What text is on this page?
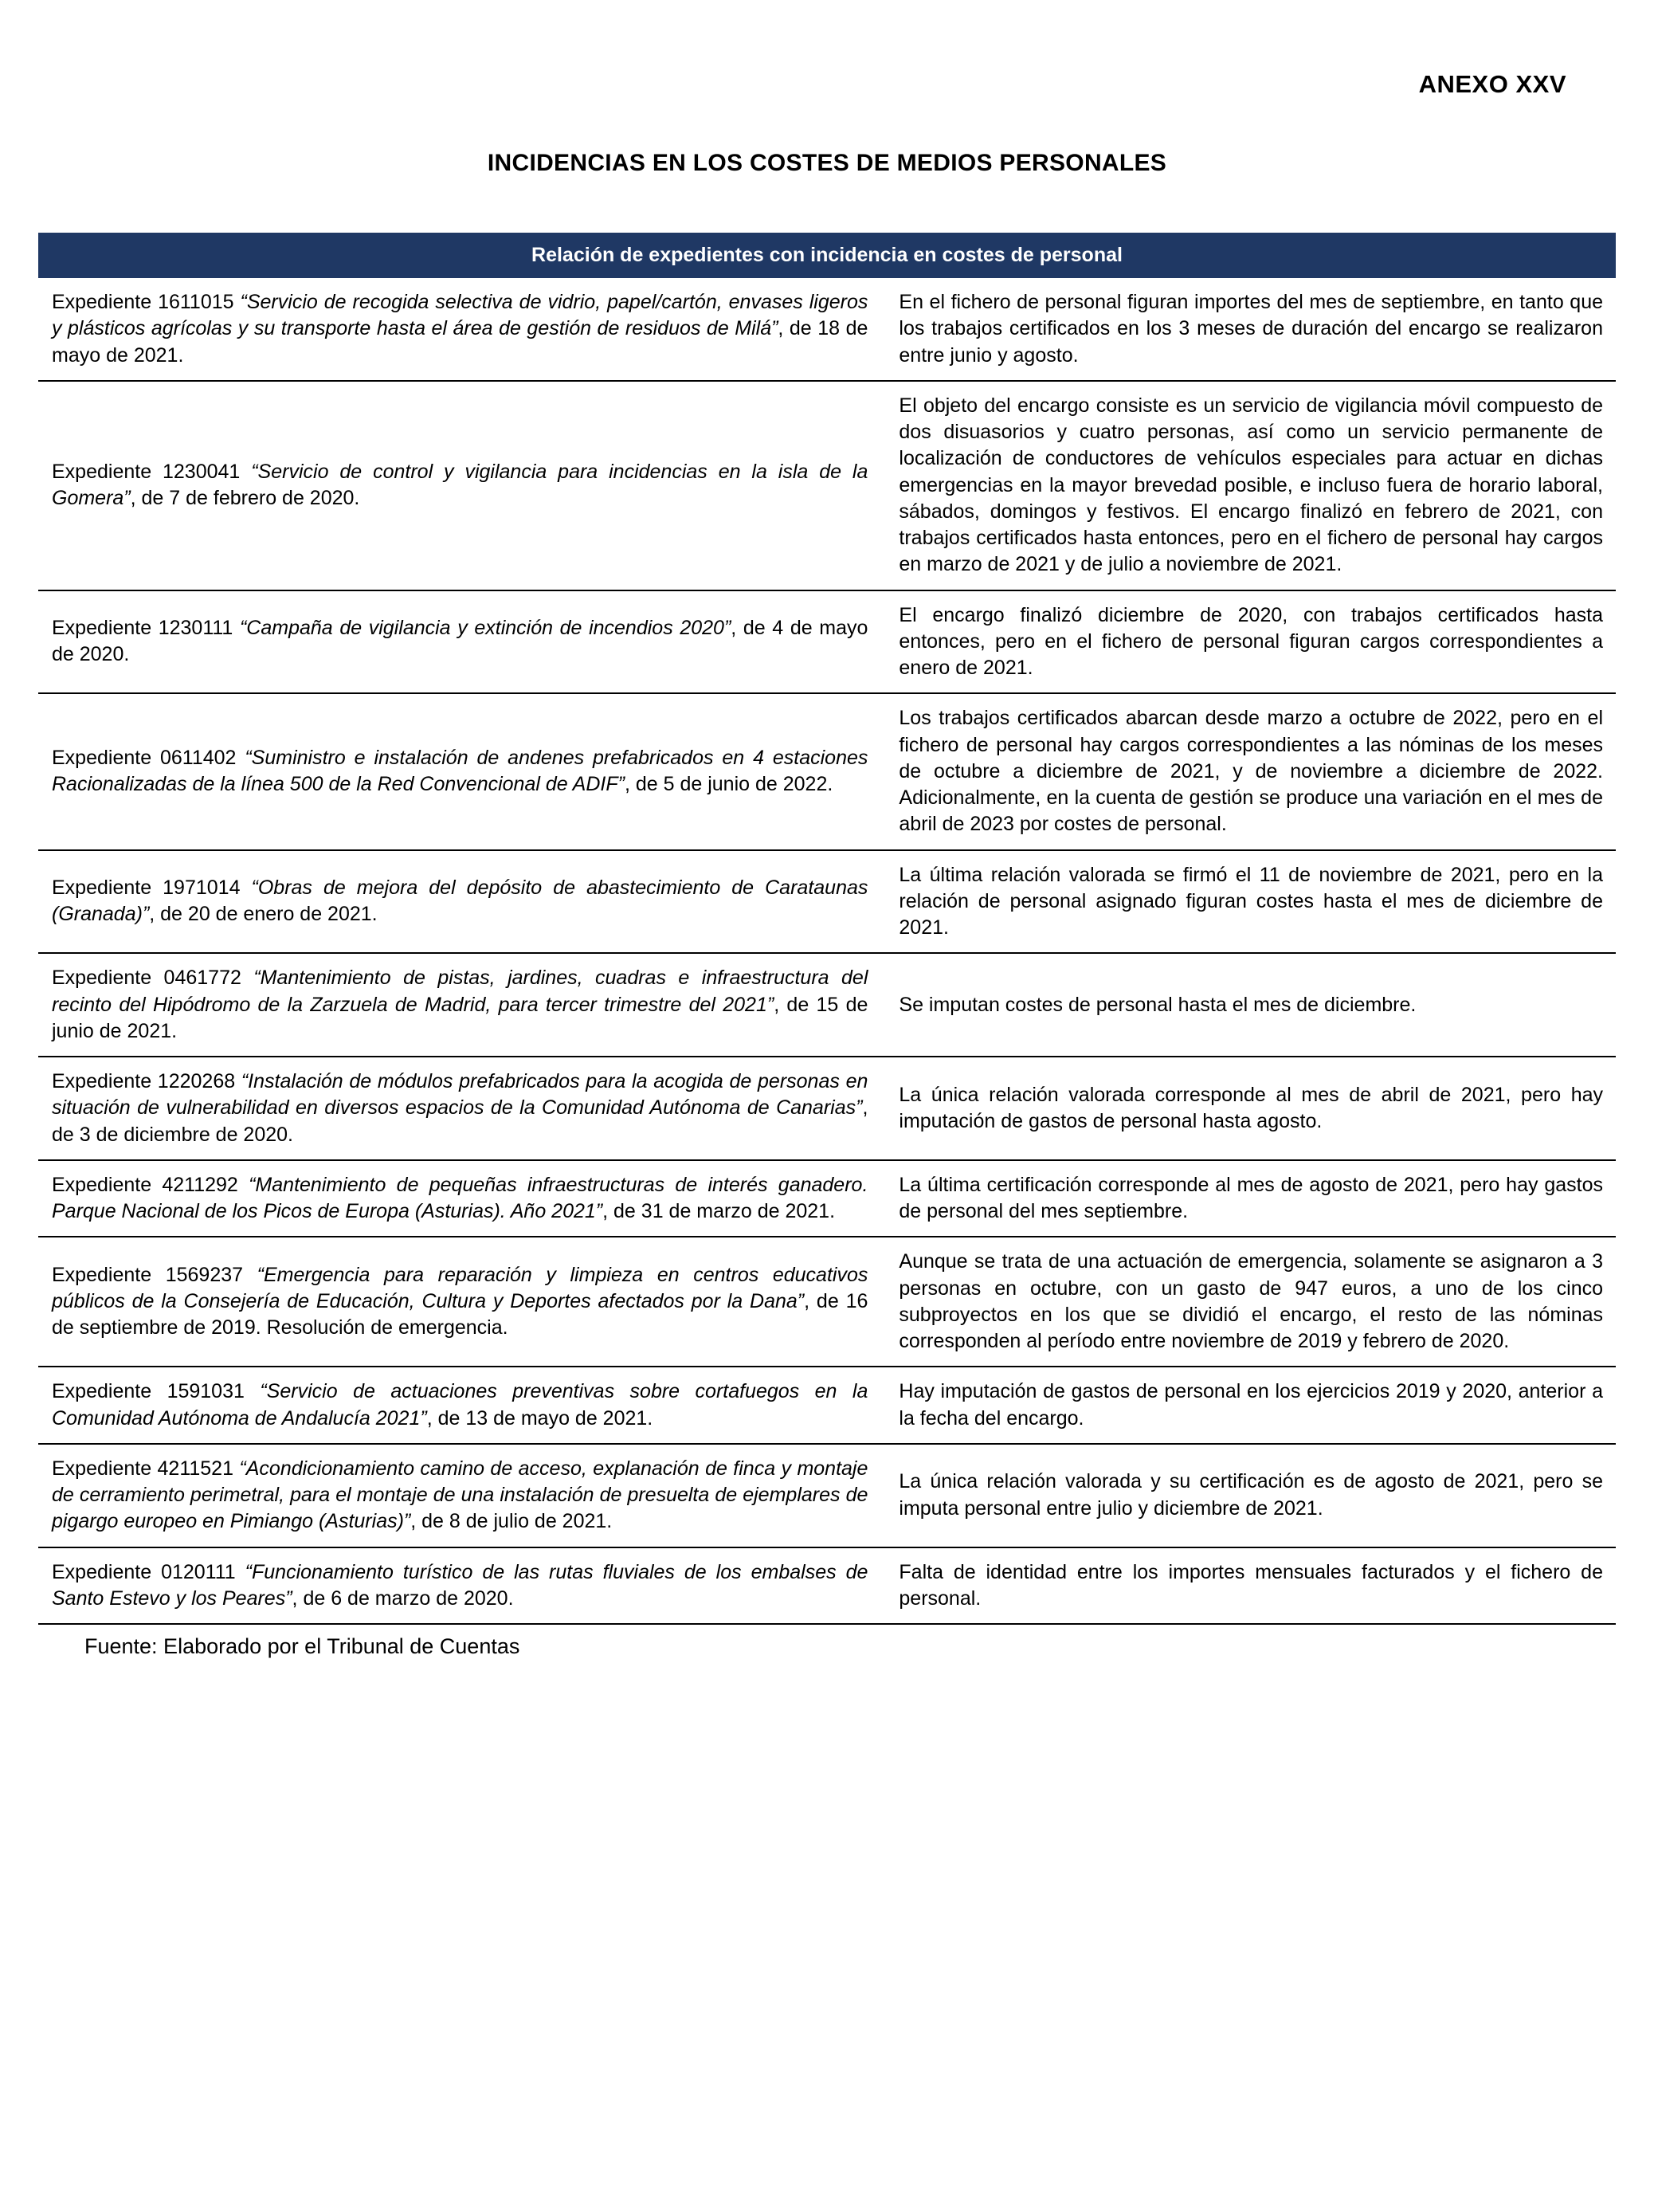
ANEXO XXV
INCIDENCIAS EN LOS COSTES DE MEDIOS PERSONALES
Relación de expedientes con incidencia en costes de personal
Expediente 1611015 “Servicio de recogida selectiva de vidrio, papel/cartón, envases ligeros y plásticos agrícolas y su transporte hasta el área de gestión de residuos de Milá”, de 18 de mayo de 2021.
En el fichero de personal figuran importes del mes de septiembre, en tanto que los trabajos certificados en los 3 meses de duración del encargo se realizaron entre junio y agosto.
Expediente 1230041 “Servicio de control y vigilancia para incidencias en la isla de la Gomera”, de 7 de febrero de 2020.
El objeto del encargo consiste es un servicio de vigilancia móvil compuesto de dos disuasorios y cuatro personas, así como un servicio permanente de localización de conductores de vehículos especiales para actuar en dichas emergencias en la mayor brevedad posible, e incluso fuera de horario laboral, sábados, domingos y festivos. El encargo finalizó en febrero de 2021, con trabajos certificados hasta entonces, pero en el fichero de personal hay cargos en marzo de 2021 y de julio a noviembre de 2021.
Expediente 1230111 “Campaña de vigilancia y extinción de incendios 2020”, de 4 de mayo de 2020.
El encargo finalizó diciembre de 2020, con trabajos certificados hasta entonces, pero en el fichero de personal figuran cargos correspondientes a enero de 2021.
Expediente 0611402 “Suministro e instalación de andenes prefabricados en 4 estaciones Racionalizadas de la línea 500 de la Red Convencional de ADIF”, de 5 de junio de 2022.
Los trabajos certificados abarcan desde marzo a octubre de 2022, pero en el fichero de personal hay cargos correspondientes a las nóminas de los meses de octubre a diciembre de 2021, y de noviembre a diciembre de 2022. Adicionalmente, en la cuenta de gestión se produce una variación en el mes de abril de 2023 por costes de personal.
Expediente 1971014 “Obras de mejora del depósito de abastecimiento de Carataunas (Granada)”, de 20 de enero de 2021.
La última relación valorada se firmó el 11 de noviembre de 2021, pero en la relación de personal asignado figuran costes hasta el mes de diciembre de 2021.
Expediente 0461772 “Mantenimiento de pistas, jardines, cuadras e infraestructura del recinto del Hipódromo de la Zarzuela de Madrid, para tercer trimestre del 2021”, de 15 de junio de 2021.
Se imputan costes de personal hasta el mes de diciembre.
Expediente 1220268 “Instalación de módulos prefabricados para la acogida de personas en situación de vulnerabilidad en diversos espacios de la Comunidad Autónoma de Canarias”, de 3 de diciembre de 2020.
La única relación valorada corresponde al mes de abril de 2021, pero hay imputación de gastos de personal hasta agosto.
Expediente 4211292 “Mantenimiento de pequeñas infraestructuras de interés ganadero. Parque Nacional de los Picos de Europa (Asturias). Año 2021”, de 31 de marzo de 2021.
La última certificación corresponde al mes de agosto de 2021, pero hay gastos de personal del mes septiembre.
Expediente 1569237 “Emergencia para reparación y limpieza en centros educativos públicos de la Consejería de Educación, Cultura y Deportes afectados por la Dana”, de 16 de septiembre de 2019. Resolución de emergencia.
Aunque se trata de una actuación de emergencia, solamente se asignaron a 3 personas en octubre, con un gasto de 947 euros, a uno de los cinco subproyectos en los que se dividió el encargo, el resto de las nóminas corresponden al período entre noviembre de 2019 y febrero de 2020.
Expediente 1591031 “Servicio de actuaciones preventivas sobre cortafuegos en la Comunidad Autónoma de Andalucía 2021”, de 13 de mayo de 2021.
Hay imputación de gastos de personal en los ejercicios 2019 y 2020, anterior a la fecha del encargo.
Expediente 4211521 “Acondicionamiento camino de acceso, explanación de finca y montaje de cerramiento perimetral, para el montaje de una instalación de presuelta de ejemplares de pigargo europeo en Pimiango (Asturias)”, de 8 de julio de 2021.
La única relación valorada y su certificación es de agosto de 2021, pero se imputa personal entre julio y diciembre de 2021.
Expediente 0120111 “Funcionamiento turístico de las rutas fluviales de los embalses de Santo Estevo y los Peares”, de 6 de marzo de 2020.
Falta de identidad entre los importes mensuales facturados y el fichero de personal.
Fuente: Elaborado por el Tribunal de Cuentas
